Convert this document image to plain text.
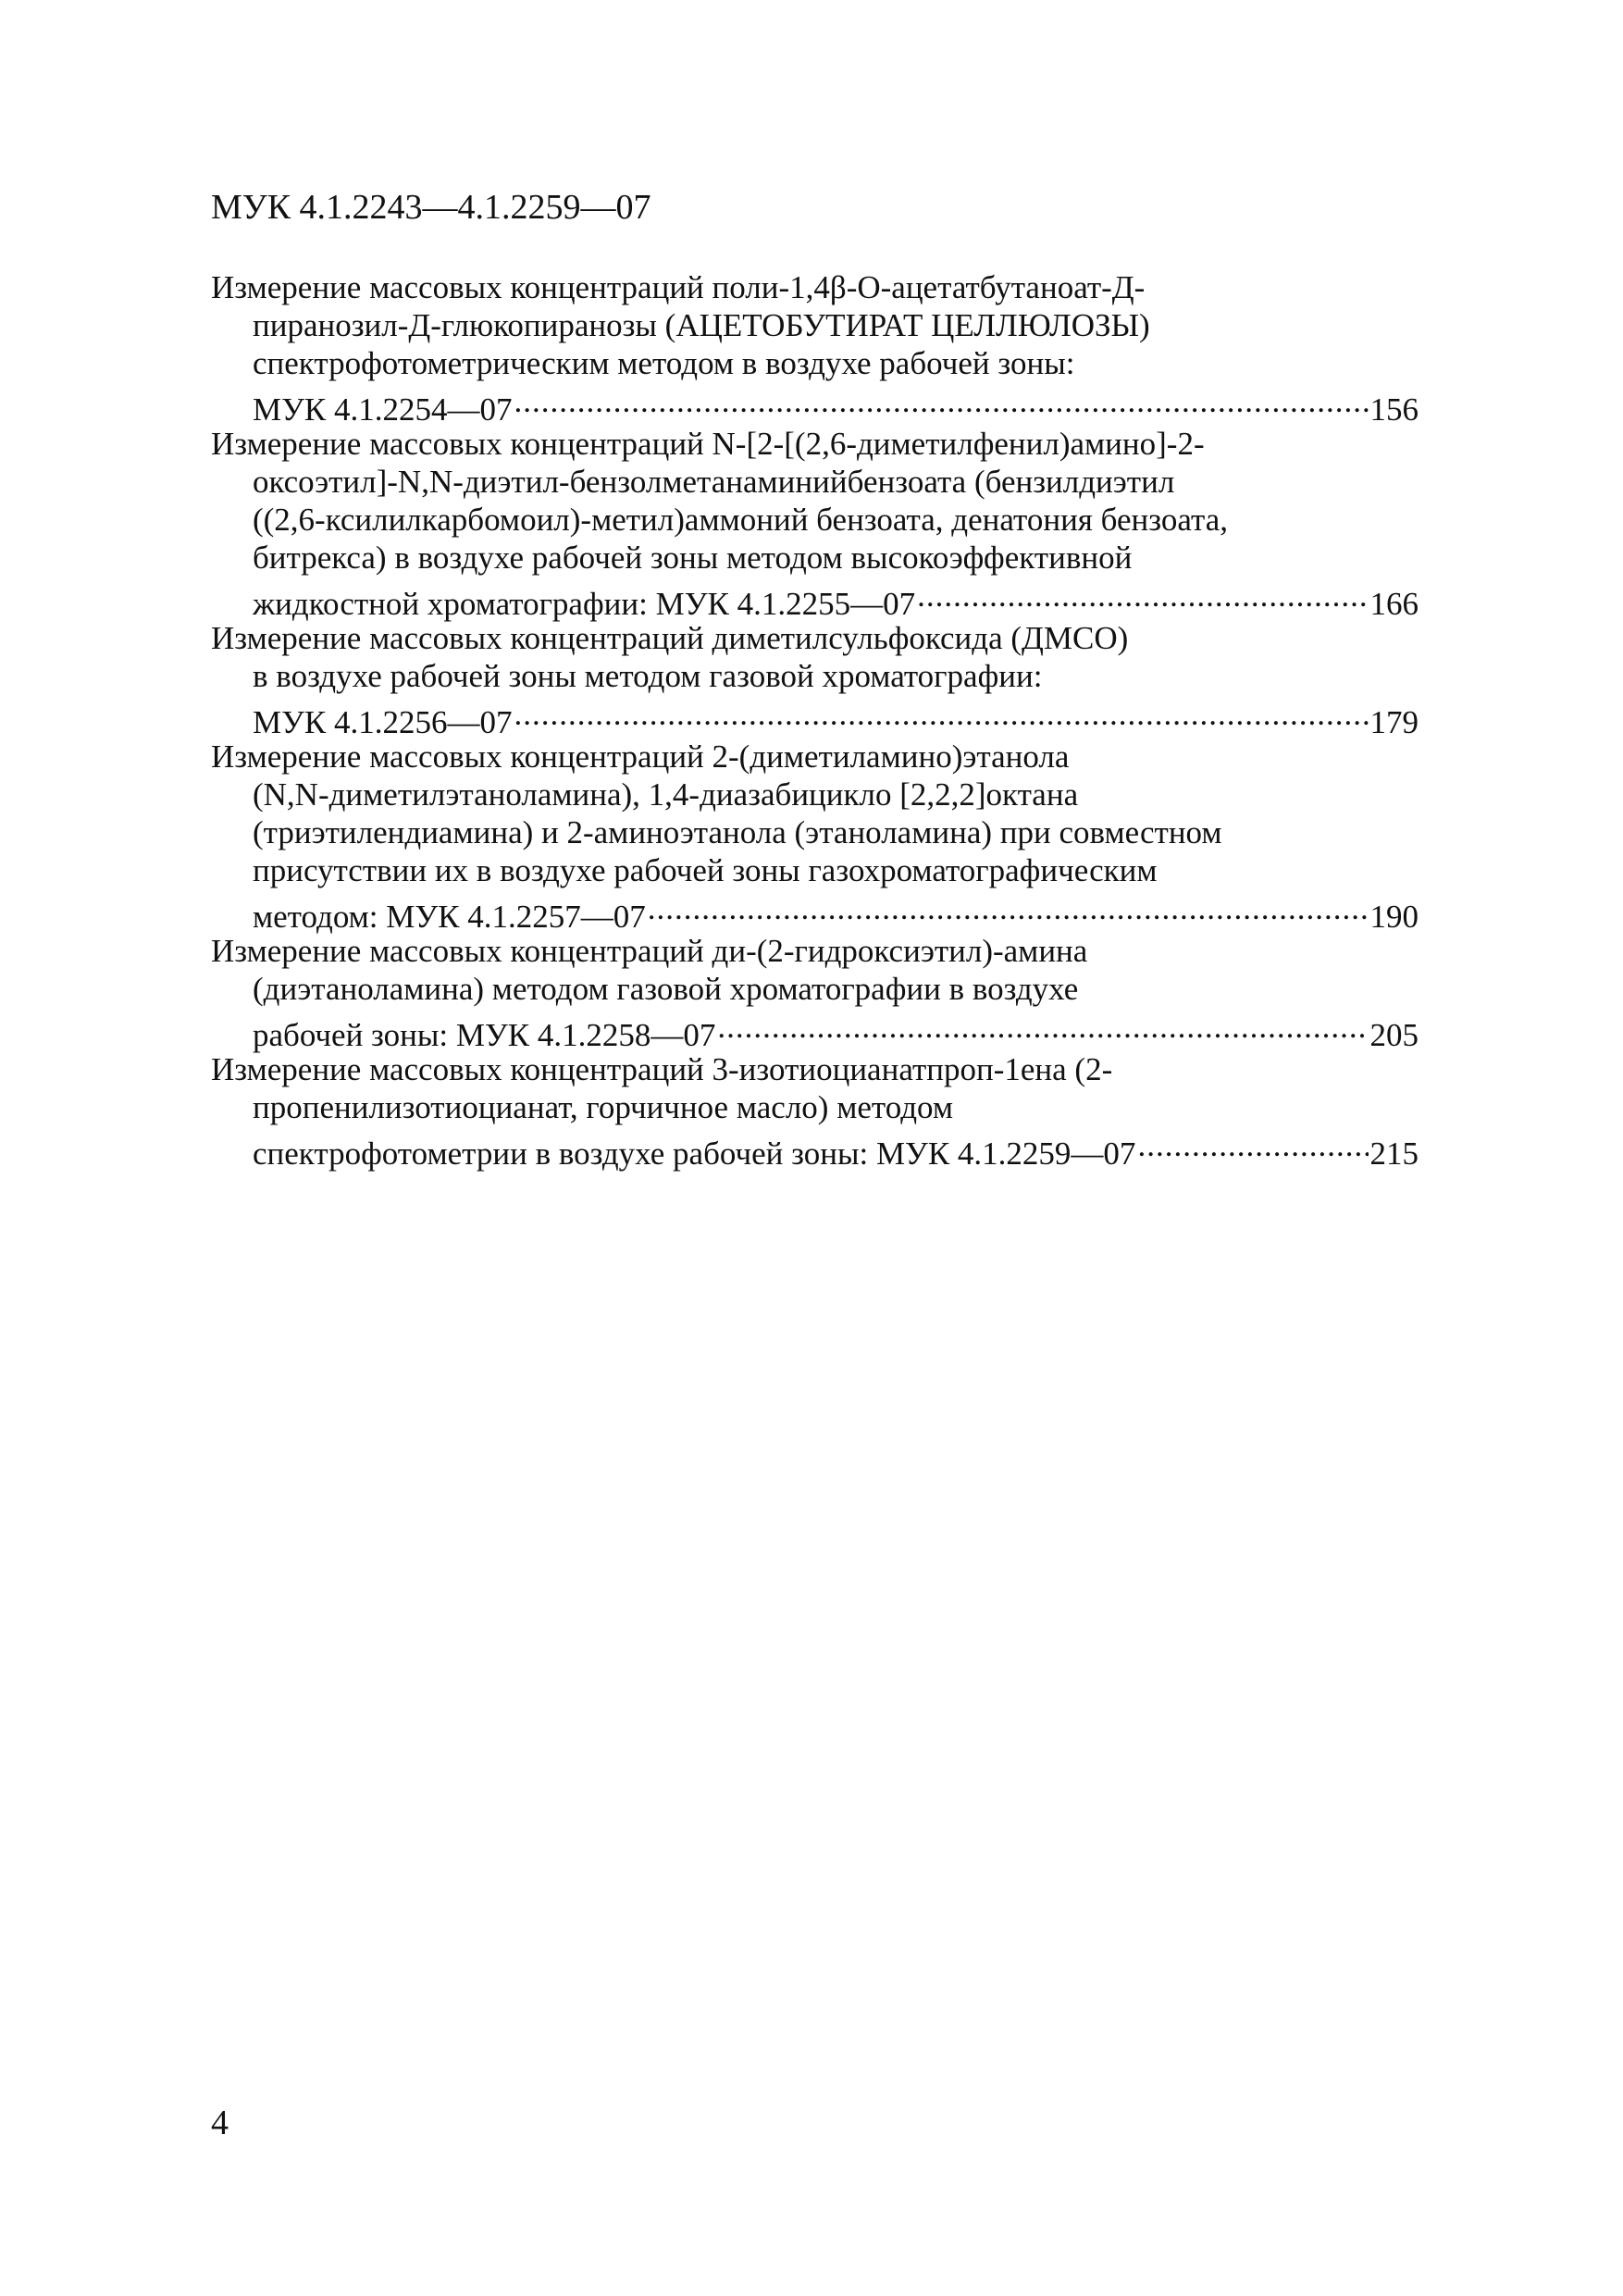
МУК 4.1.2243—4.1.2259—07
Измерение массовых концентраций поли-1,4β-О-ацетатбутаноат-Д-
пиранозил-Д-глюкопиранозы (АЦЕТОБУТИРАТ ЦЕЛЛЮЛОЗЫ)
спектрофотометрическим методом в воздухе рабочей зоны:
МУК 4.1.2254—07 .....	156
Измерение массовых концентраций N-[2-[(2,6-диметилфенил)амино]-2-
оксоэтил]-N,N-диэтил-бензолметанаминийбензоата (бензилдиэтил
((2,6-ксилилкарбомоил)-метил)аммоний бензоата, денатония бензоата,
битрекса) в воздухе рабочей зоны методом высокоэффективной
жидкостной хроматографии: МУК 4.1.2255—07 .....	166
Измерение массовых концентраций диметилсульфоксида (ДМСО)
в воздухе рабочей зоны методом газовой хроматографии:
МУК 4.1.2256—07 .....	179
Измерение массовых концентраций 2-(диметиламино)этанола
(N,N-диметилэтаноламина), 1,4-диазабицикло [2,2,2]октана
(триэтилендиамина) и 2-аминоэтанола (этаноламина) при совместном
присутствии их в воздухе рабочей зоны газохроматографическим
методом: МУК 4.1.2257—07 .....	190
Измерение массовых концентраций ди-(2-гидроксиэтил)-амина
(диэтаноламина) методом газовой хроматографии в воздухе
рабочей зоны: МУК 4.1.2258—07 .....	205
Измерение массовых концентраций 3-изотиоцианатпроп-1ена (2-
пропенилизотиоцианат, горчичное масло) методом
спектрофотометрии в воздухе рабочей зоны: МУК 4.1.2259—07 .....	215
4
